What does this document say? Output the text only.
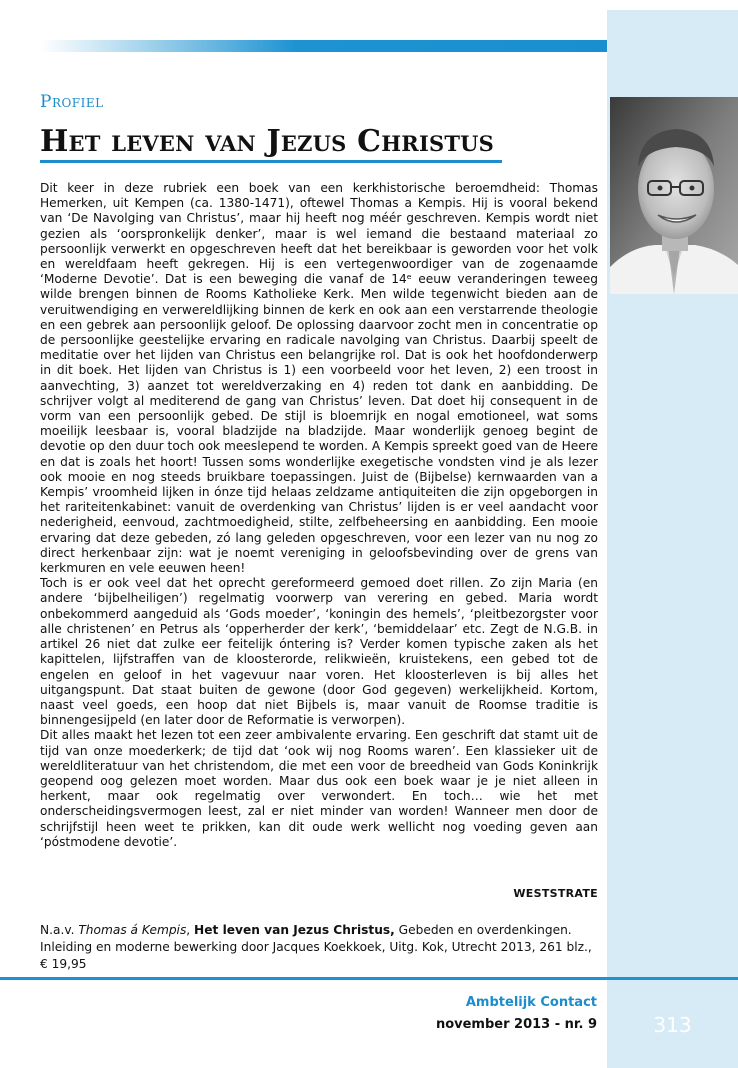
Profiel
Het leven van Jezus Christus

Dit keer in deze rubriek een boek van een kerkhistorische beroemdheid: Thomas Hemerken, uit Kempen (ca. 1380-1471), oftewel Thomas a Kempis. Hij is vooral bekend van ‘De Navolging van Christus’, maar hij heeft nog méér geschreven. Kempis wordt niet gezien als ‘oorspronkelijk denker’, maar is wel iemand die bestaand materiaal zo persoonlijk verwerkt en opgeschreven heeft dat het bereikbaar is geworden voor het volk en wereldfaam heeft gekregen. Hij is een vertegenwoordiger van de zogenaamde ‘Moderne Devotie’. Dat is een beweging die vanaf de 14ᵉ eeuw veranderingen teweeg wilde brengen binnen de Rooms Katholieke Kerk. Men wilde tegenwicht bieden aan de veruitwendiging en verwereldlijking binnen de kerk en ook aan een verstarrende theologie en een gebrek aan persoonlijk geloof. De oplossing daarvoor zocht men in concentratie op de persoonlijke geestelijke ervaring en radicale navolging van Christus. Daarbij speelt de meditatie over het lijden van Christus een belangrijke rol. Dat is ook het hoofdonderwerp in dit boek. Het lijden van Christus is 1) een voorbeeld voor het leven, 2) een troost in aanvechting, 3) aanzet tot wereldverzaking en 4) reden tot dank en aanbidding. De schrijver volgt al mediterend de gang van Christus’ leven. Dat doet hij consequent in de vorm van een persoonlijk gebed. De stijl is bloemrijk en nogal emotioneel, wat soms moeilijk leesbaar is, vooral bladzijde na bladzijde. Maar wonderlijk genoeg begint de devotie op den duur toch ook meeslepend te worden. A Kempis spreekt goed van de Heere en dat is zoals het hoort! Tussen soms wonderlijke exegetische vondsten vind je als lezer ook mooie en nog steeds bruikbare toepassingen. Juist de (Bijbelse) kernwaarden van a Kempis’ vroomheid lijken in ónze tijd helaas zeldzame antiquiteiten die zijn opgeborgen in het rariteitenkabinet: vanuit de overdenking van Christus’ lijden is er veel aandacht voor nederigheid, eenvoud, zachtmoedigheid, stilte, zelfbeheersing en aanbidding. Een mooie ervaring dat deze gebeden, zó lang geleden opgeschreven, voor een lezer van nu nog zo direct herkenbaar zijn: wat je noemt vereniging in geloofsbevinding over de grens van kerkmuren en vele eeuwen heen!

Toch is er ook veel dat het oprecht gereformeerd gemoed doet rillen. Zo zijn Maria (en andere ‘bijbelheiligen’) regelmatig voorwerp van verering en gebed. Maria wordt onbekommerd aangeduid als ‘Gods moeder’, ‘koningin des hemels’, ‘pleitbezorgster voor alle christenen’ en Petrus als ‘opperherder der kerk’, ‘bemiddelaar’ etc. Zegt de N.G.B. in artikel 26 niet dat zulke eer feitelijk óntering is? Verder komen typische zaken als het kapittelen, lijfstraffen van de kloosterorde, relikwieën, kruistekens, een gebed tot de engelen en geloof in het vagevuur naar voren. Het kloosterleven is bij alles het uitgangspunt. Dat staat buiten de gewone (door God gegeven) werkelijkheid. Kortom, naast veel goeds, een hoop dat niet Bijbels is, maar vanuit de Roomse traditie is binnengesijpeld (en later door de Reformatie is verworpen).

Dit alles maakt het lezen tot een zeer ambivalente ervaring. Een geschrift dat stamt uit de tijd van onze moederkerk; de tijd dat ‘ook wij nog Rooms waren’. Een klassieker uit de wereldliteratuur van het christendom, die met een voor de breedheid van Gods Koninkrijk geopend oog gelezen moet worden. Maar dus ook een boek waar je je niet alleen in herkent, maar ook regelmatig over verwondert. En toch… wie het met onderscheidingsvermogen leest, zal er niet minder van worden! Wanneer men door de schrijfstijl heen weet te prikken, kan dit oude werk wellicht nog voeding geven aan ‘póstmodene devotie’.

WESTSTRATE
N.a.v. Thomas á Kempis, Het leven van Jezus Christus, Gebeden en overdenkingen. Inleiding en moderne bewerking door Jacques Koekkoek, Uitg. Kok, Utrecht 2013, 261 blz., € 19,95
Ambtelijk Contact
november 2013 - nr. 9	313
